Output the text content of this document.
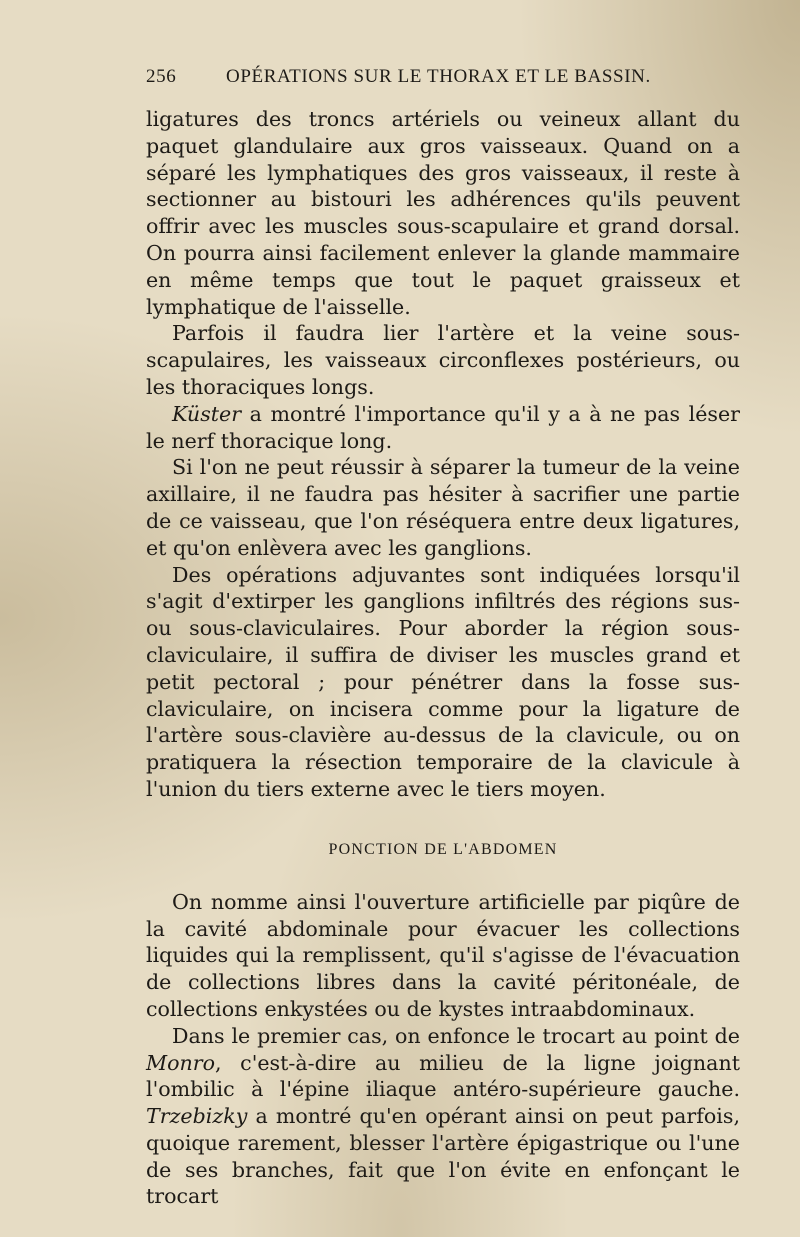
256	OPÉRATIONS SUR LE THORAX ET LE BASSIN.

ligatures des troncs artériels ou veineux allant du paquet glandulaire aux gros vaisseaux. Quand on a séparé les lymphatiques des gros vaisseaux, il reste à sectionner au bistouri les adhérences qu'ils peuvent offrir avec les muscles sous-scapulaire et grand dorsal. On pourra ainsi facilement enlever la glande mammaire en même temps que tout le paquet graisseux et lymphatique de l'aisselle.

Parfois il faudra lier l'artère et la veine sous-scapulaires, les vaisseaux circonflexes postérieurs, ou les thoraciques longs.

Küster a montré l'importance qu'il y a à ne pas léser le nerf thoracique long.

Si l'on ne peut réussir à séparer la tumeur de la veine axillaire, il ne faudra pas hésiter à sacrifier une partie de ce vaisseau, que l'on réséquera entre deux ligatures, et qu'on enlèvera avec les ganglions.

Des opérations adjuvantes sont indiquées lorsqu'il s'agit d'extirper les ganglions infiltrés des régions sus- ou sous-claviculaires. Pour aborder la région sous-claviculaire, il suffira de diviser les muscles grand et petit pectoral ; pour pénétrer dans la fosse sus-claviculaire, on incisera comme pour la ligature de l'artère sous-clavière au-dessus de la clavicule, ou on pratiquera la résection temporaire de la clavicule à l'union du tiers externe avec le tiers moyen.

PONCTION DE L'ABDOMEN

On nomme ainsi l'ouverture artificielle par piqûre de la cavité abdominale pour évacuer les collections liquides qui la remplissent, qu'il s'agisse de l'évacuation de collections libres dans la cavité péritonéale, de collections enkystées ou de kystes intraabdominaux.

Dans le premier cas, on enfonce le trocart au point de Monro, c'est-à-dire au milieu de la ligne joignant l'ombilic à l'épine iliaque antéro-supérieure gauche. Trzebizky a montré qu'en opérant ainsi on peut parfois, quoique rarement, blesser l'artère épigastrique ou l'une de ses branches, fait que l'on évite en enfonçant le trocart
